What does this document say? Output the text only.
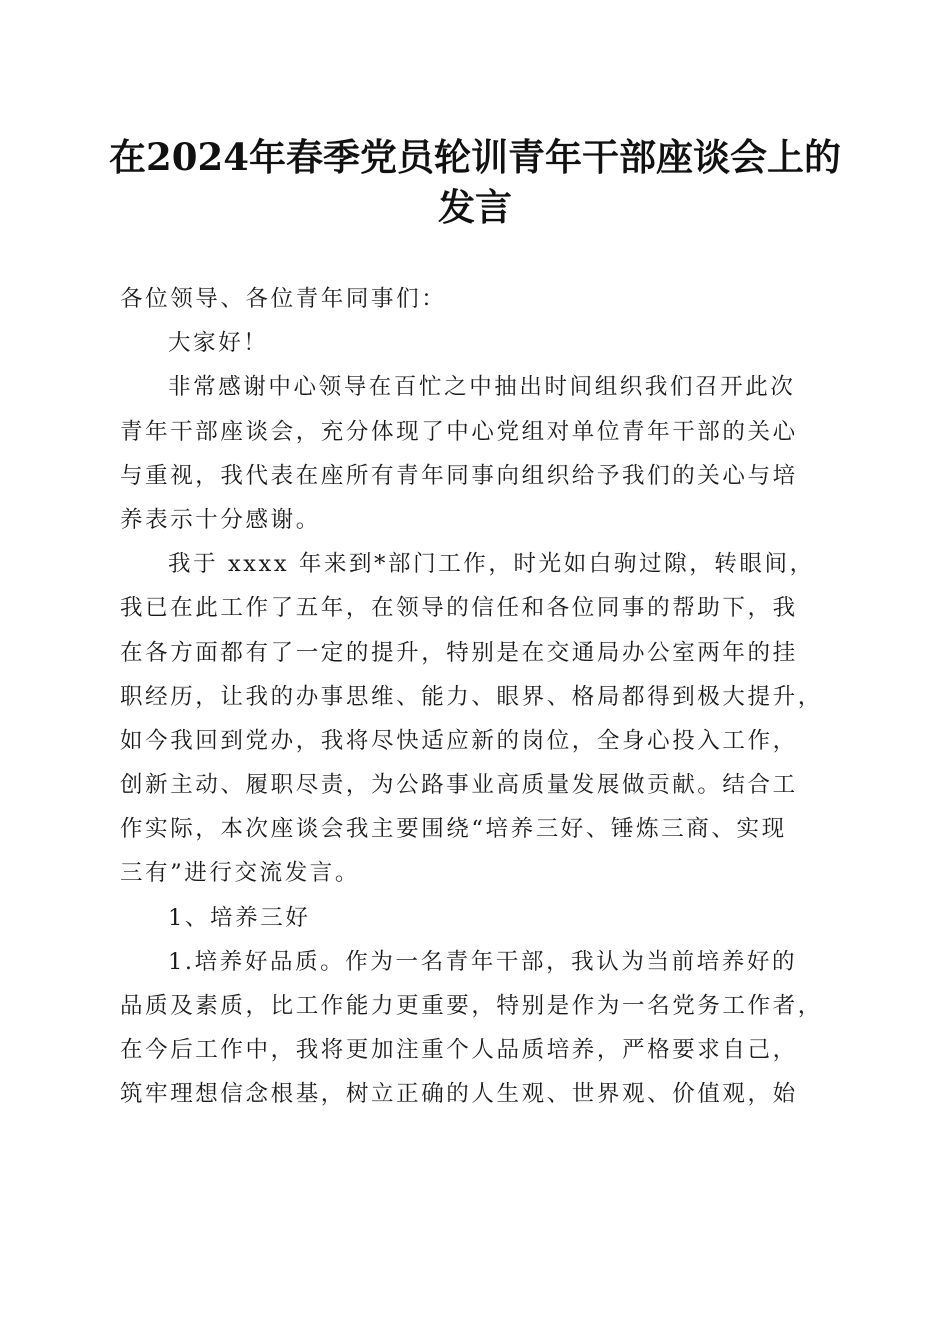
在2024年春季党员轮训青年干部座谈会上的
发言
各位领导、各位青年同事们：
大家好！
非常感谢中心领导在百忙之中抽出时间组织我们召开此次
青年干部座谈会，充分体现了中心党组对单位青年干部的关心
与重视，我代表在座所有青年同事向组织给予我们的关心与培
养表示十分感谢。
我于 xxxx 年来到*部门工作，时光如白驹过隙，转眼间，
我已在此工作了五年，在领导的信任和各位同事的帮助下，我
在各方面都有了一定的提升，特别是在交通局办公室两年的挂
职经历，让我的办事思维、能力、眼界、格局都得到极大提升，
如今我回到党办，我将尽快适应新的岗位，全身心投入工作，
创新主动、履职尽责，为公路事业高质量发展做贡献。结合工
作实际，本次座谈会我主要围绕“培养三好、锤炼三商、实现
三有”进行交流发言。
1、培养三好
1.培养好品质。作为一名青年干部，我认为当前培养好的
品质及素质，比工作能力更重要，特别是作为一名党务工作者，
在今后工作中，我将更加注重个人品质培养，严格要求自己，
筑牢理想信念根基，树立正确的人生观、世界观、价值观，始
